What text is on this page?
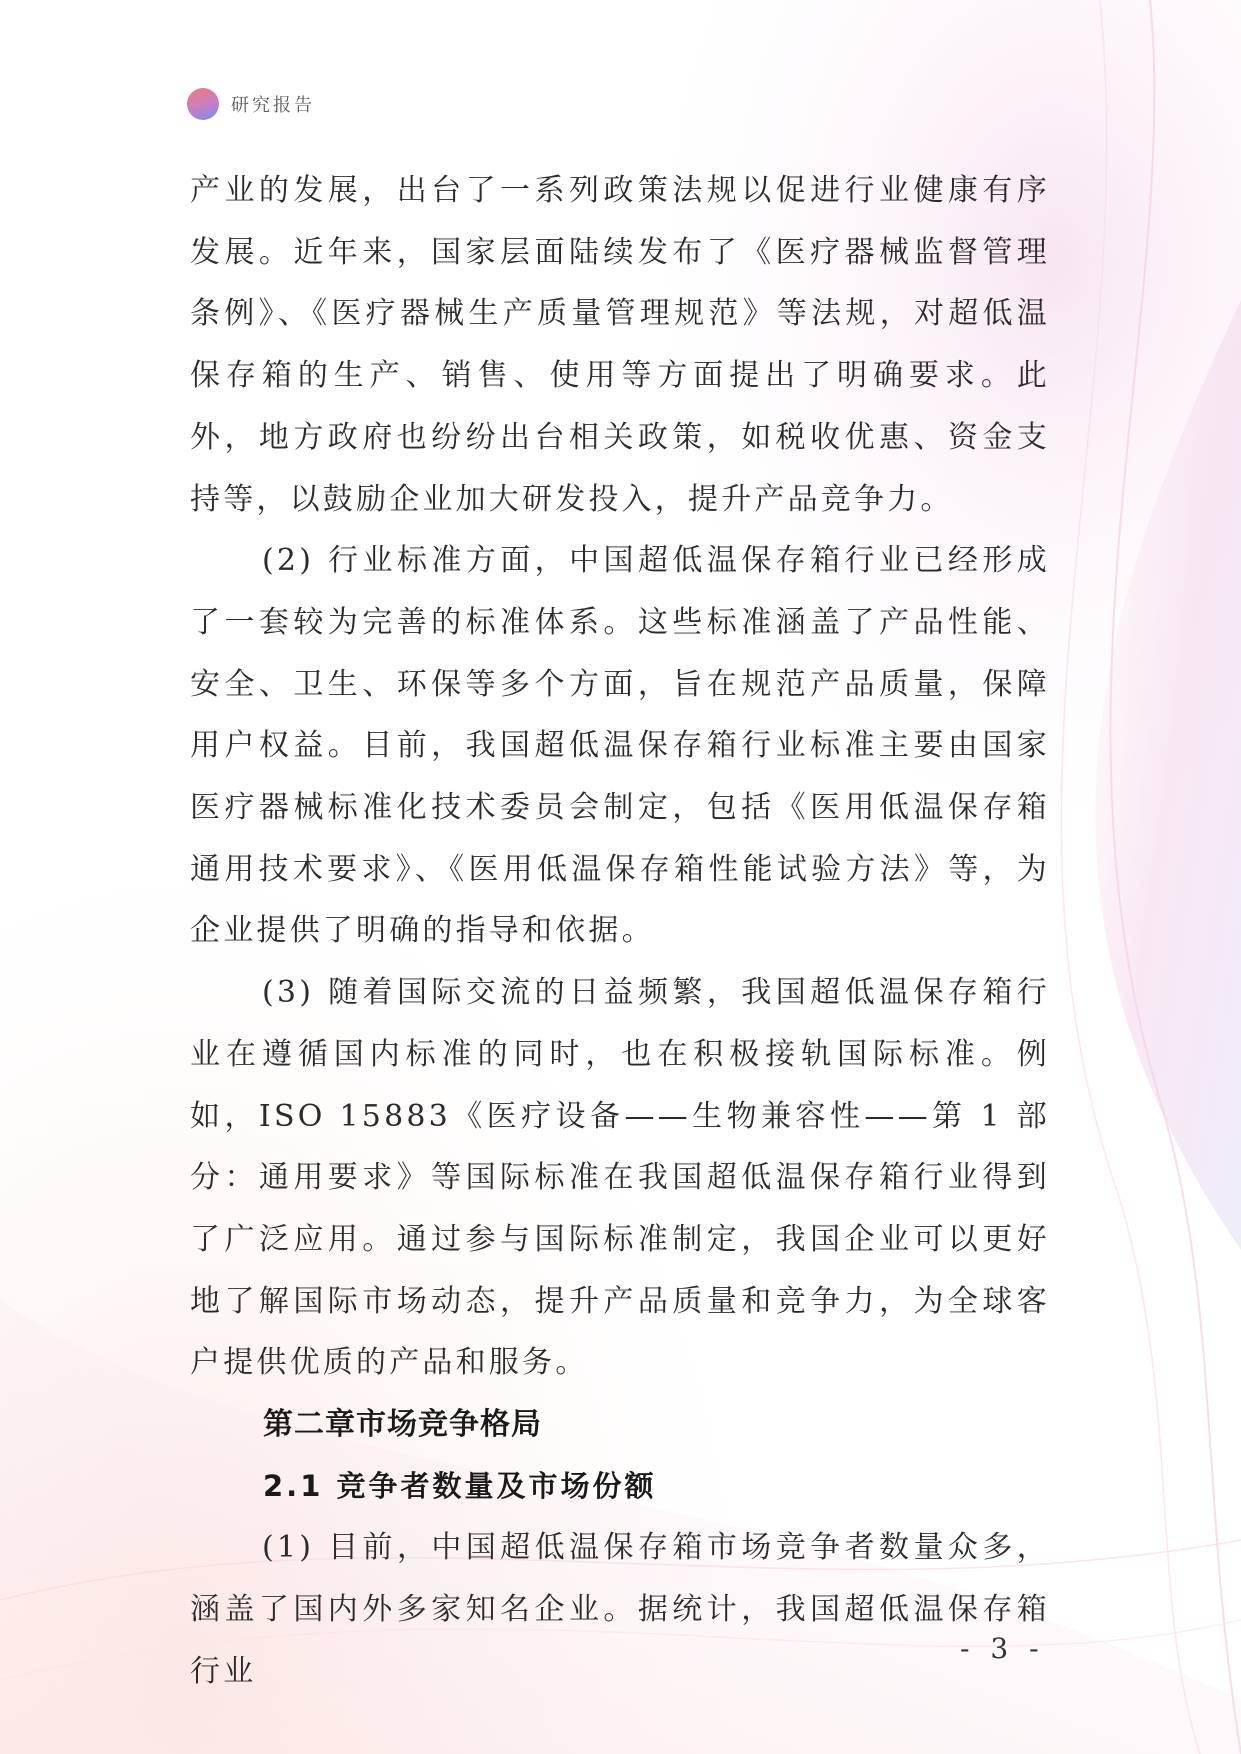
研究报告

产业的发展，出台了一系列政策法规以促进行业健康有序发展。近年来，国家层面陆续发布了《医疗器械监督管理条例》、《医疗器械生产质量管理规范》等法规，对超低温保存箱的生产、销售、使用等方面提出了明确要求。此外，地方政府也纷纷出台相关政策，如税收优惠、资金支持等，以鼓励企业加大研发投入，提升产品竞争力。

(2) 行业标准方面，中国超低温保存箱行业已经形成了一套较为完善的标准体系。这些标准涵盖了产品性能、安全、卫生、环保等多个方面，旨在规范产品质量，保障用户权益。目前，我国超低温保存箱行业标准主要由国家医疗器械标准化技术委员会制定，包括《医用低温保存箱通用技术要求》、《医用低温保存箱性能试验方法》等，为企业提供了明确的指导和依据。

(3) 随着国际交流的日益频繁，我国超低温保存箱行业在遵循国内标准的同时，也在积极接轨国际标准。例如，ISO 15883《医疗设备——生物兼容性——第 1 部分：通用要求》等国际标准在我国超低温保存箱行业得到了广泛应用。通过参与国际标准制定，我国企业可以更好地了解国际市场动态，提升产品质量和竞争力，为全球客户提供优质的产品和服务。

第二章市场竞争格局
2.1 竞争者数量及市场份额

(1) 目前，中国超低温保存箱市场竞争者数量众多，涵盖了国内外多家知名企业。据统计，我国超低温保存箱行业

- 3 -
